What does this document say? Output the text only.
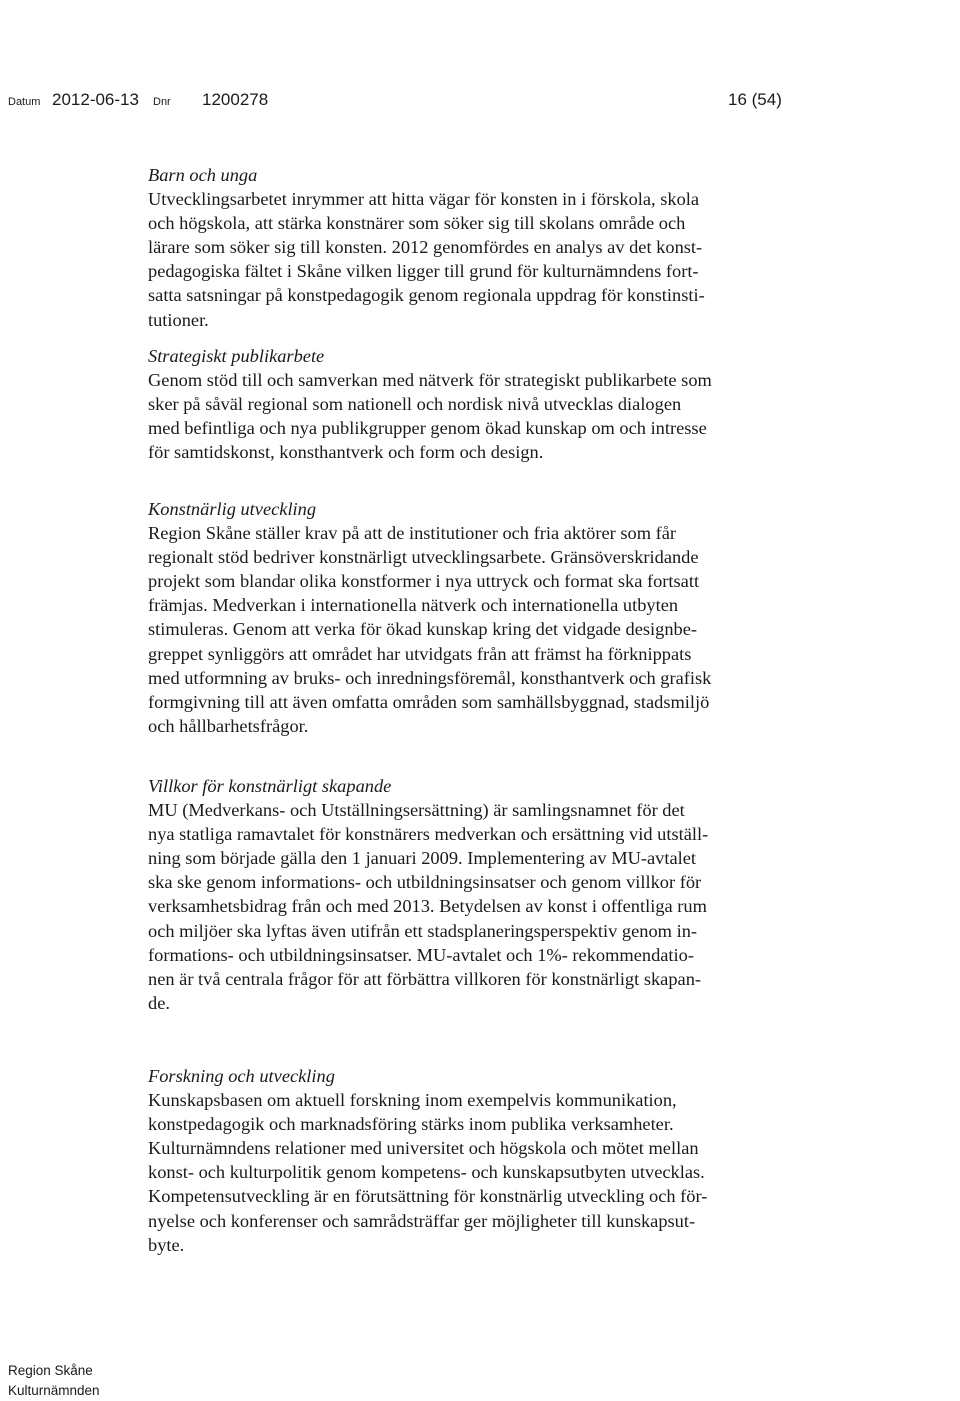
Datum 2012-06-13 Dnr 1200278	16 (54)
Barn och unga
Utvecklingsarbetet inrymmer att hitta vägar för konsten in i förskola, skola
och högskola, att stärka konstnärer som söker sig till skolans område och
lärare som söker sig till konsten. 2012 genomfördes en analys av det konst-
pedagogiska fältet i Skåne vilken ligger till grund för kulturnämndens fort-
satta satsningar på konstpedagogik genom regionala uppdrag för konstinsti-
tutioner.
Strategiskt publikarbete
Genom stöd till och samverkan med nätverk för strategiskt publikarbete som
sker på såväl regional som nationell och nordisk nivå utvecklas dialogen
med befintliga och nya publikgrupper genom ökad kunskap om och intresse
för samtidskonst, konsthantverk och form och design.
Konstnärlig utveckling
Region Skåne ställer krav på att de institutioner och fria aktörer som får
regionalt stöd bedriver konstnärligt utvecklingsarbete. Gränsöverskridande
projekt som blandar olika konstformer i nya uttryck och format ska fortsatt
främjas. Medverkan i internationella nätverk och internationella utbyten
stimuleras. Genom att verka för ökad kunskap kring det vidgade designbe-
greppet synliggörs att området har utvidgats från att främst ha förknippats
med utformning av bruks- och inredningsföremål, konsthantverk och grafisk
formgivning till att även omfatta områden som samhällsbyggnad, stadsmiljö
och hållbarhetsfrågor.
Villkor för konstnärligt skapande
MU (Medverkans- och Utställningsersättning) är samlingsnamnet för det
nya statliga ramavtalet för konstnärers medverkan och ersättning vid utställ-
ning som började gälla den 1 januari 2009. Implementering av MU-avtalet
ska ske genom informations- och utbildningsinsatser och genom villkor för
verksamhetsbidrag från och med 2013. Betydelsen av konst i offentliga rum
och miljöer ska lyftas även utifrån ett stadsplaneringsperspektiv genom in-
formations- och utbildningsinsatser. MU-avtalet och 1%- rekommendatio-
nen är två centrala frågor för att förbättra villkoren för konstnärligt skapan-
de.
Forskning och utveckling
Kunskapsbasen om aktuell forskning inom exempelvis kommunikation,
konstpedagogik och marknadsföring stärks inom publika verksamheter.
Kulturnämndens relationer med universitet och högskola och mötet mellan
konst- och kulturpolitik genom kompetens- och kunskapsutbyten utvecklas.
Kompetensutveckling är en förutsättning för konstnärlig utveckling och för-
nyelse och konferenser och samrådsträffar ger möjligheter till kunskapsut-
byte.
Region Skåne
Kulturnämnden
